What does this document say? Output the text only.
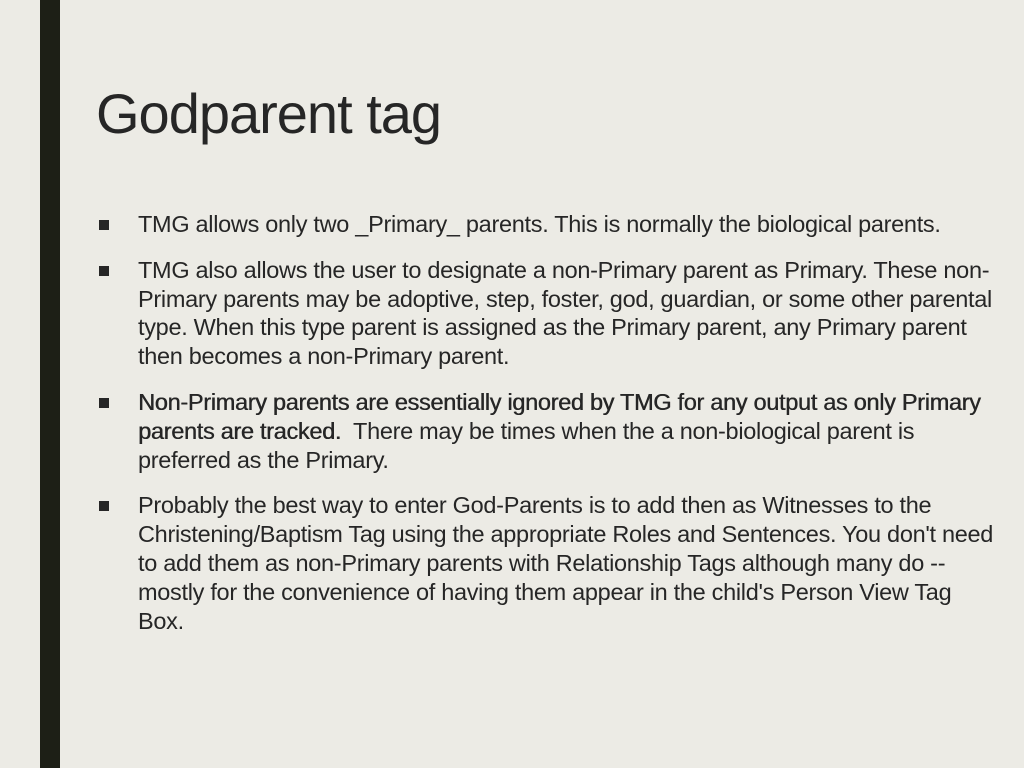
Godparent tag
TMG allows only two _Primary_ parents. This is normally the biological parents.
TMG also allows the user to designate a non-Primary parent as Primary. These non-Primary parents may be adoptive, step, foster, god, guardian, or some other parental type. When this type parent is assigned as the Primary parent, any Primary parent then becomes a non-Primary parent.
Non-Primary parents are essentially ignored by TMG for any output as only Primary parents are tracked.  There may be times when the a non-biological parent is preferred as the Primary.
Probably the best way to enter God-Parents is to add then as Witnesses to the Christening/Baptism Tag using the appropriate Roles and Sentences. You don't need to add them as non-Primary parents with Relationship Tags although many do -- mostly for the convenience of having them appear in the child's Person View Tag Box.
